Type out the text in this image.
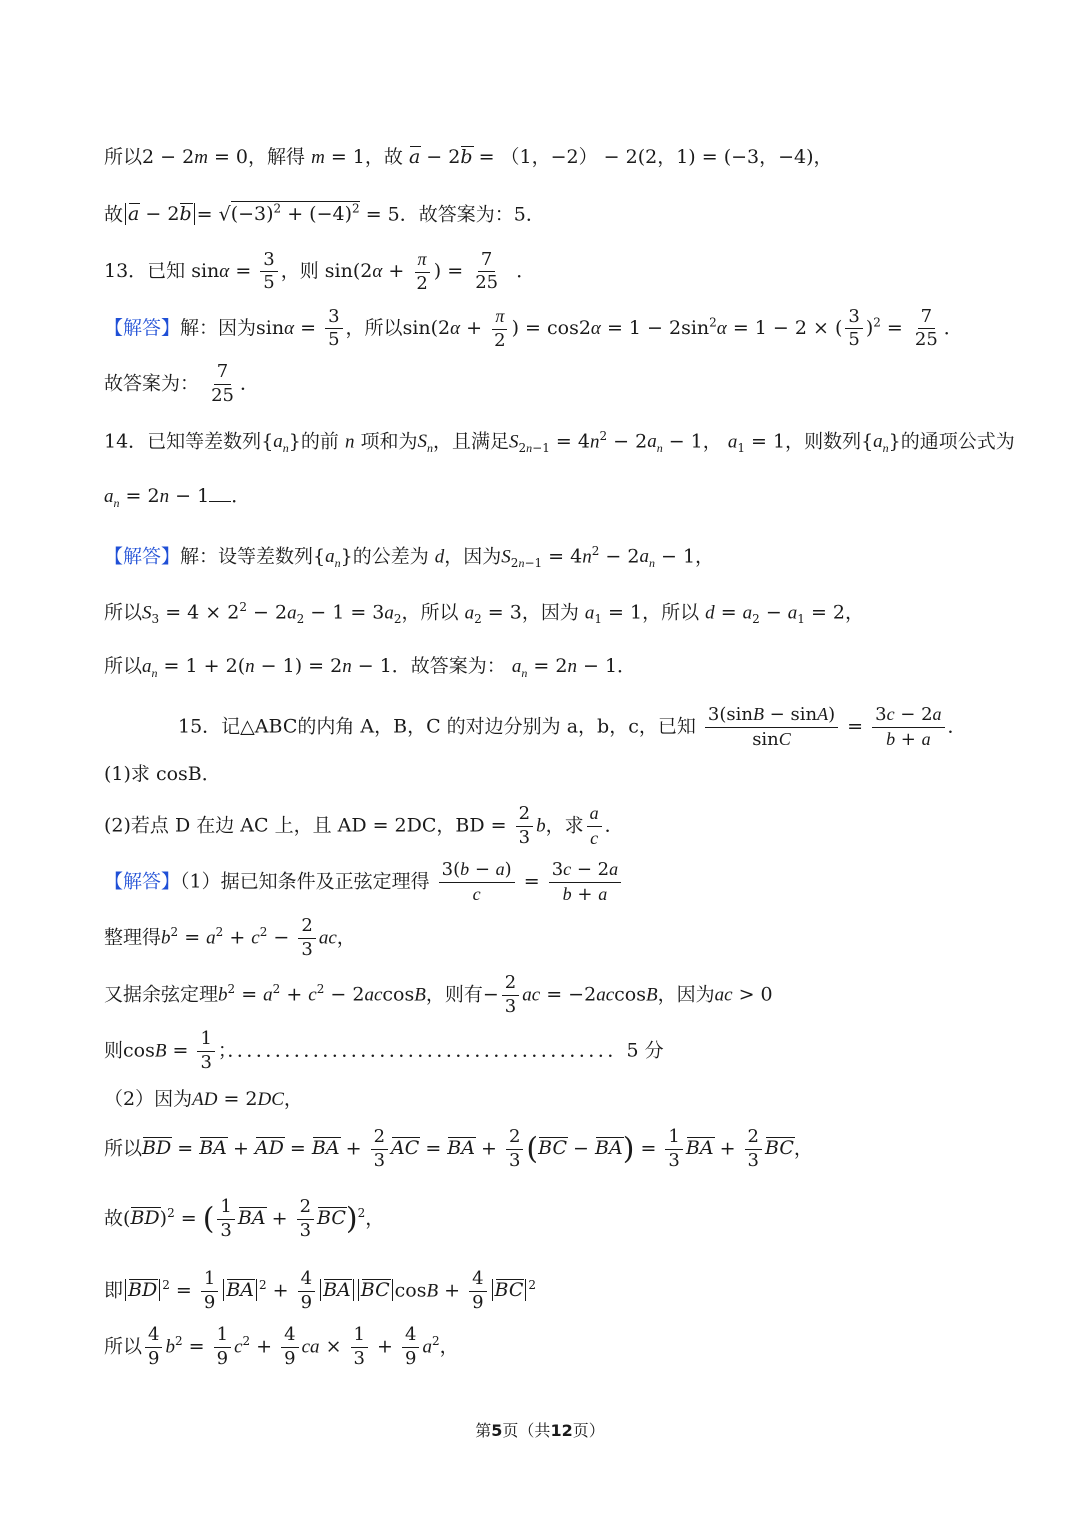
所以2 − 2m = 0，解得 m = 1，故 a − 2b = （1，−2） − 2(2，1) = (−3，−4)，
故 $a - 2b = √(-3)^2 + (-4)^2 = 5$．故答案为：5．
13．已知 $\sin\alpha = \frac{3}{5}$ ，则 $\sin(2\alpha + \frac{\pi}{2}$ ) = $\frac{7}{25}$ ．
【解答】解：因为$\sin\alpha = \frac{3}{5}$ ，所以$\sin(2\alpha + \frac{\pi}{2}$ ) = $\cos 2\alpha = 1 - 2\sin^2\alpha = 1 - 2$ × ( $\frac{3}{5} )^2 = \frac{7}{25}$ ．
故答案为： $\frac{7}{25}$ ．
14．已知等差数列$\{a_n\}$的前 n 项和为$S_n$，且满足$S_{2n-1} = 4n^2 - 2a_n - 1$， $a_1 = 1$，则数列$\{a_n\}$的通项公式为
$a_n = 2n - 1$ ．
【解答】解：设等差数列$\{a_n\}$的公差为 d，因为$S_{2n-1} = 4n^2 - 2a_n - 1$，
所以$S_3 = 4 \times 2^2 - 2a_2 - 1 = 3a_2$，所以 $a_2 = 3$，因为 $a_1 = 1$，所以 $d = a_2 - a_1 = 2$，
所以$a_n = 1 + 2(n - 1) = 2n - 1$．故答案为： $a_n = 2n - 1$．
15．记△ABC的内角 A，B，C 的对边分别为 a，b，c，已知 $\frac{3(\sin B - \sin A)}{\sin C} = \frac{3c - 2a}{b + a}$ ．
(1)求 cosB．
(2)若点 D 在边 AC 上，且 AD = 2DC，BD = $\frac{2}{3}$ b，求 $\frac{a}{c}$ ．
【解答】（1）据已知条件及正弦定理得 $\frac{3(b - a)}{c} = \frac{3c - 2a}{b + a}$
整理得$b^2 = a^2 + c^2 - \frac{2}{3}$ ac，
又据余弦定理$b^2 = a^2 + c^2 - 2accosB$，则有− $\frac{2}{3}$ ac = −2accosB，因为ac > 0
则$\cos B = \frac{1}{3}$ ；．．．．．．．．．．．．．．．．．．．．．．．．．．．．．．．．．．．．．．．．．5 分
（2）因为AD = 2DC，
所以BD = BA + AD = BA + $\frac{2}{3}$ AC = BA + $\frac{2}{3} (BC - BA) = \frac{1}{3}$ BA + $\frac{2}{3}$ BC，
故(BD)$^2$ = ( $\frac{1}{3}$ BA + $\frac{2}{3} BC)^2$，
即 BD $^2 = \frac{1}{9}$ BA $^2 + \frac{4}{9}$ BA BC $\cos B + \frac{4}{9}$ BC $^2$
所以 $\frac{4}{9} b^2 = \frac{1}{9} c^2 + \frac{4}{9}$ ca × $\frac{1}{3} + \frac{4}{9} a^2$，
第5页（共12页）
